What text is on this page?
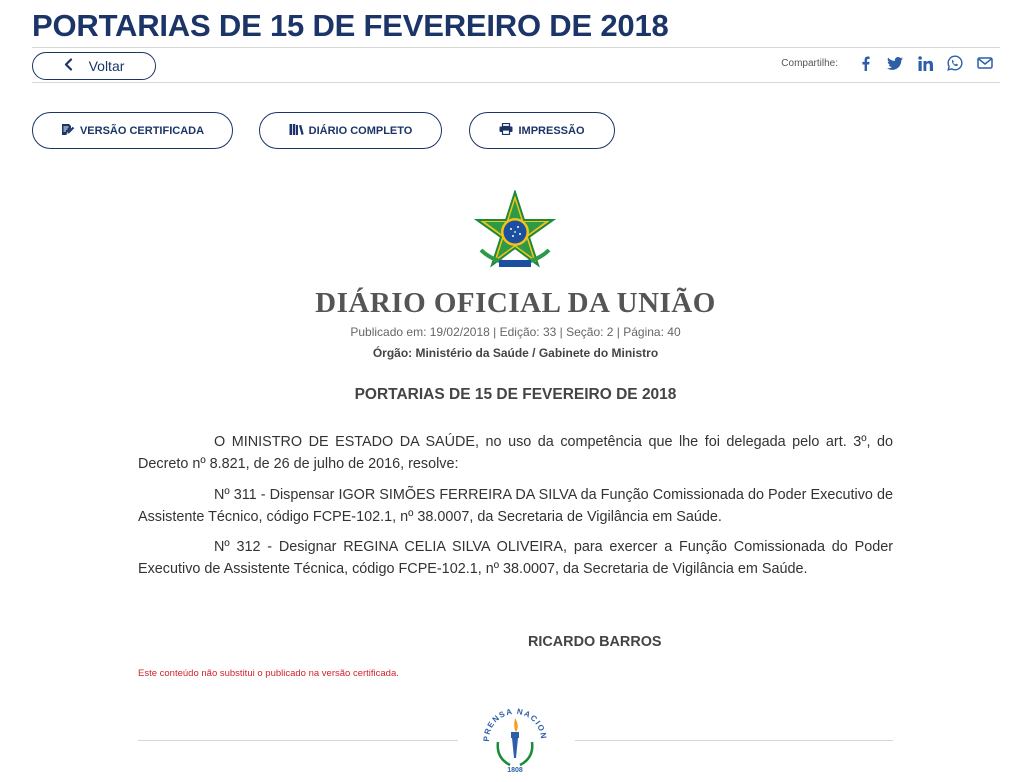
PORTARIAS DE 15 DE FEVEREIRO DE 2018
Voltar	Compartilhe:
VERSÃO CERTIFICADA	DIÁRIO COMPLETO	IMPRESSÃO
DIÁRIO OFICIAL DA UNIÃO
Publicado em: 19/02/2018 | Edição: 33 | Seção: 2 | Página: 40
Órgão: Ministério da Saúde / Gabinete do Ministro
PORTARIAS DE 15 DE FEVEREIRO DE 2018

O MINISTRO DE ESTADO DA SAÚDE, no uso da competência que lhe foi delegada pelo art. 3º, do Decreto nº 8.821, de 26 de julho de 2016, resolve:

Nº 311 - Dispensar IGOR SIMÕES FERREIRA DA SILVA da Função Comissionada do Poder Executivo de Assistente Técnico, código FCPE-102.1, nº 38.0007, da Secretaria de Vigilância em Saúde.

Nº 312 - Designar REGINA CELIA SILVA OLIVEIRA, para exercer a Função Comissionada do Poder Executivo de Assistente Técnica, código FCPE-102.1, nº 38.0007, da Secretaria de Vigilância em Saúde.

RICARDO BARROS
Este conteúdo não substitui o publicado na versão certificada.
PRENSA NACION
1808
